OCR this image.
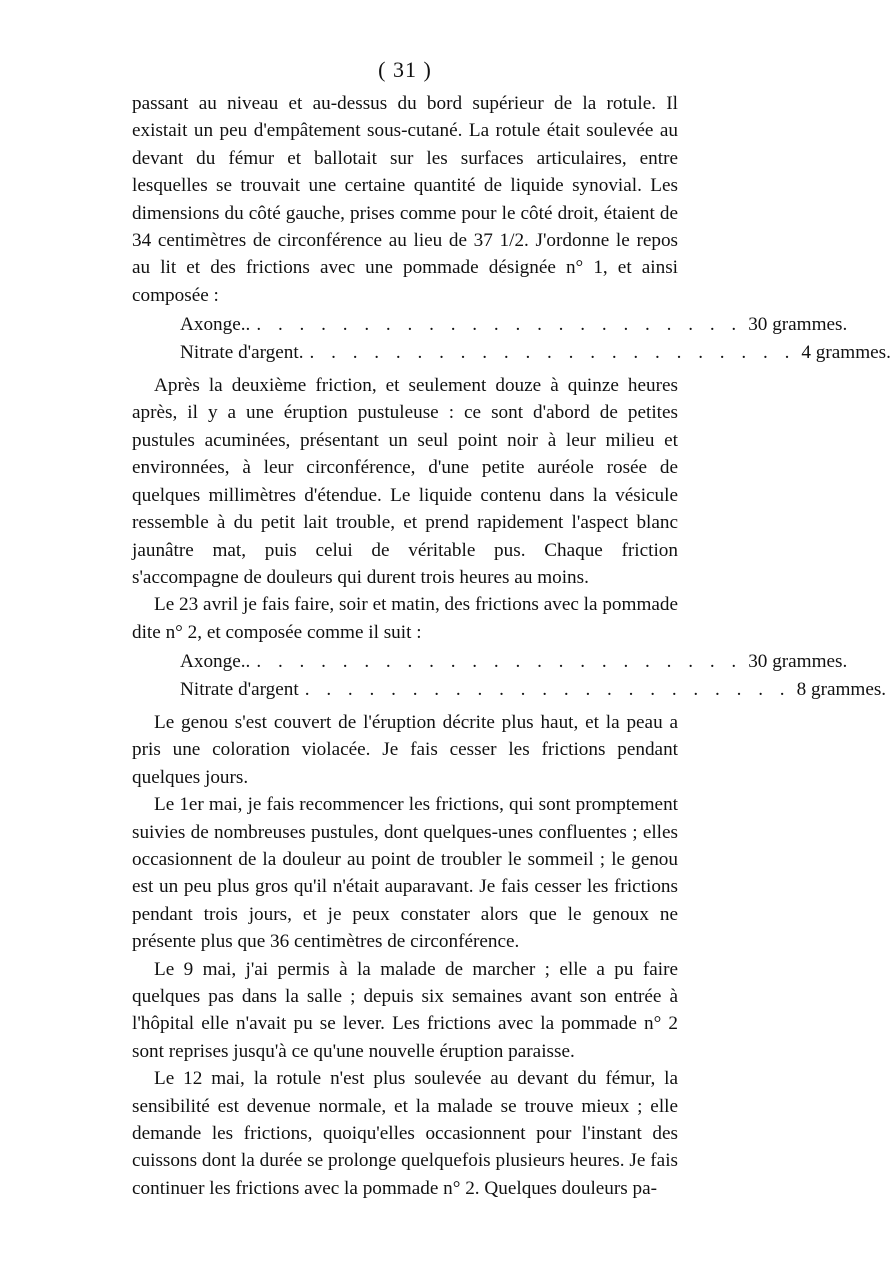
( 31 )

passant au niveau et au-dessus du bord supérieur de la rotule. Il existait un peu d'empâtement sous-cutané. La rotule était soulevée au devant du fémur et ballotait sur les surfaces articulaires, entre lesquelles se trouvait une certaine quantité de liquide synovial. Les dimensions du côté gauche, prises comme pour le côté droit, étaient de 34 centimètres de circonférence au lieu de 37 1/2. J'ordonne le repos au lit et des frictions avec une pommade désignée n° 1, et ainsi composée :

Axonge.. . . . . . . . . . . . . . . . . . . . . . . . 30 grammes.
Nitrate d'argent. . . . . . . . . . . . . . . . . . . . . . . . 4 grammes.

Après la deuxième friction, et seulement douze à quinze heures après, il y a une éruption pustuleuse : ce sont d'abord de petites pustules acuminées, présentant un seul point noir à leur milieu et environnées, à leur circonférence, d'une petite auréole rosée de quelques millimètres d'étendue. Le liquide contenu dans la vésicule ressemble à du petit lait trouble, et prend rapidement l'aspect blanc jaunâtre mat, puis celui de véritable pus. Chaque friction s'accompagne de douleurs qui durent trois heures au moins.

Le 23 avril je fais faire, soir et matin, des frictions avec la pommade dite n° 2, et composée comme il suit :

Axonge.. . . . . . . . . . . . . . . . . . . . . . . . 30 grammes.
Nitrate d'argent . . . . . . . . . . . . . . . . . . . . . . . 8 grammes.

Le genou s'est couvert de l'éruption décrite plus haut, et la peau a pris une coloration violacée. Je fais cesser les frictions pendant quelques jours.

Le 1er mai, je fais recommencer les frictions, qui sont promptement suivies de nombreuses pustules, dont quelques-unes confluentes ; elles occasionnent de la douleur au point de troubler le sommeil ; le genou est un peu plus gros qu'il n'était auparavant. Je fais cesser les frictions pendant trois jours, et je peux constater alors que le genoux ne présente plus que 36 centimètres de circonférence.

Le 9 mai, j'ai permis à la malade de marcher ; elle a pu faire quelques pas dans la salle ; depuis six semaines avant son entrée à l'hôpital elle n'avait pu se lever. Les frictions avec la pommade n° 2 sont reprises jusqu'à ce qu'une nouvelle éruption paraisse.

Le 12 mai, la rotule n'est plus soulevée au devant du fémur, la sensibilité est devenue normale, et la malade se trouve mieux ; elle demande les frictions, quoiqu'elles occasionnent pour l'instant des cuissons dont la durée se prolonge quelquefois plusieurs heures. Je fais continuer les frictions avec la pommade n° 2. Quelques douleurs pa-
